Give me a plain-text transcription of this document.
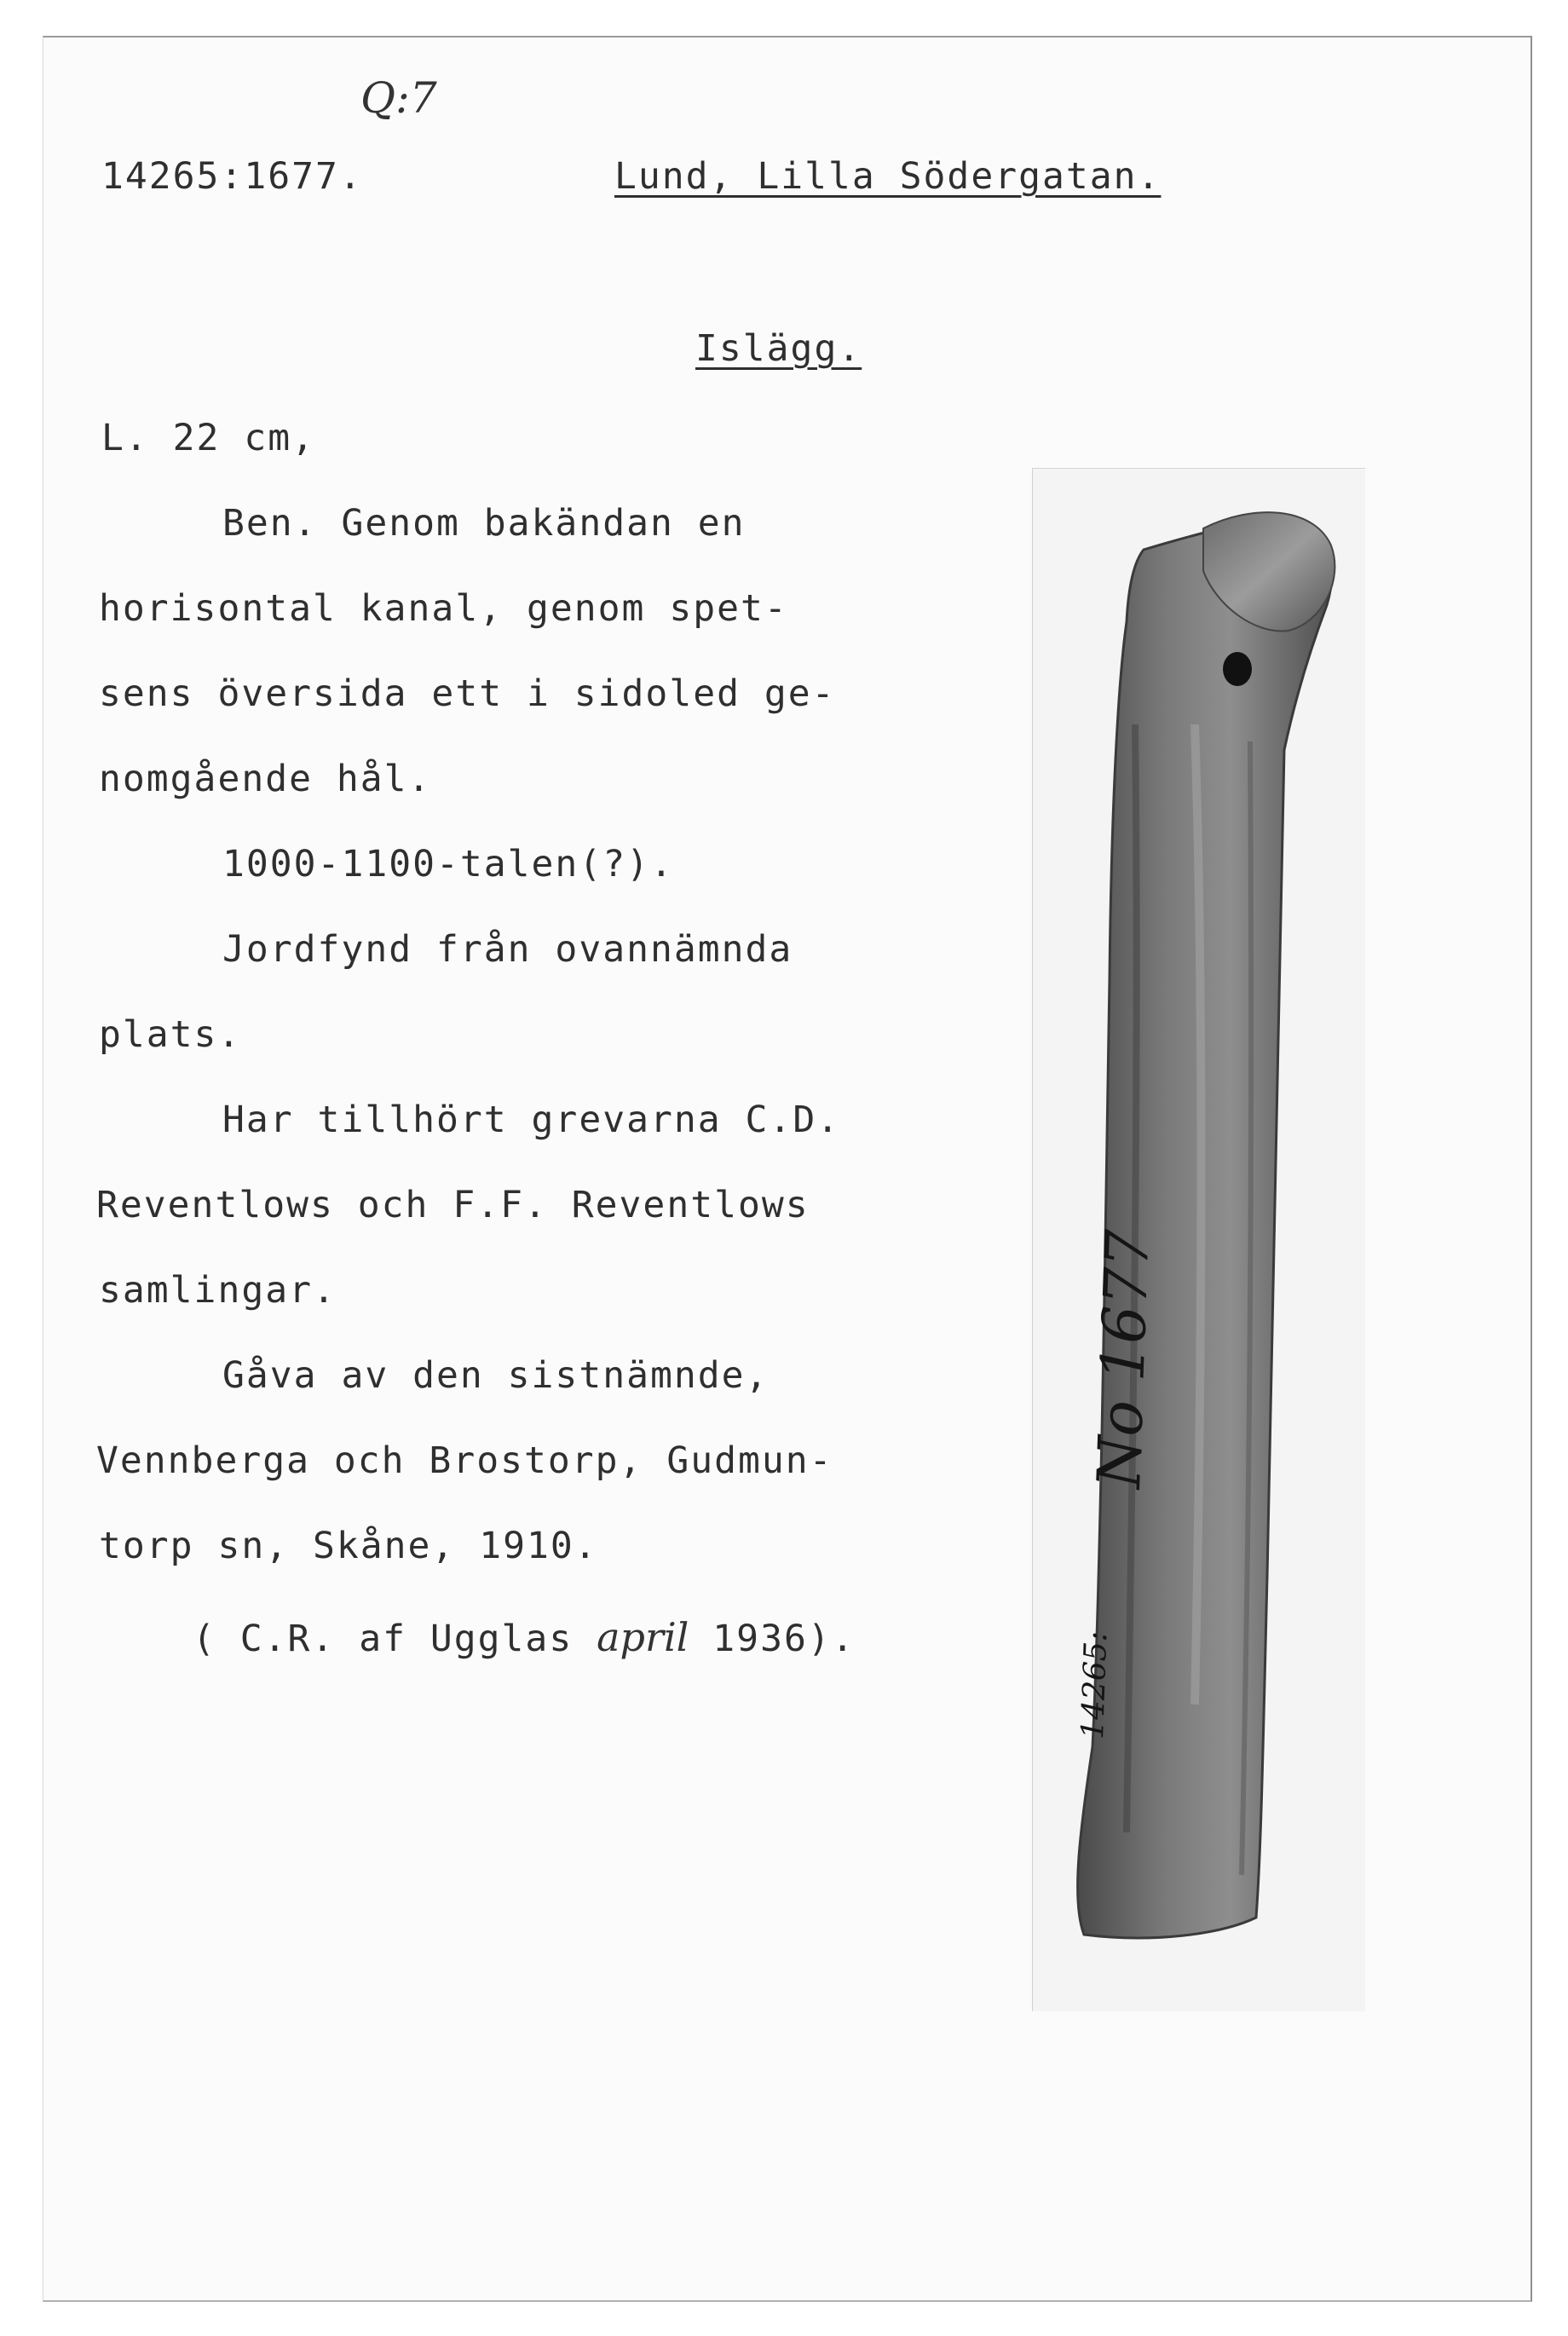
Q:7
14265:1677.	Lund, Lilla Södergatan.
Islägg.
L. 22 cm,
Ben. Genom bakändan en
horisontal kanal, genom spet-
sens översida ett i sidoled ge-
nomgående hål.
1000-1100-talen(?).
Jordfynd från ovannämnda
plats.
Har tillhört grevarna C.D.
Reventlows och F.F. Reventlows
samlingar.
Gåva av den sistnämnde,
Vennberga och Brostorp, Gudmun-
torp sn, Skåne, 1910.
( C.R. af Ugglas april 1936).
No 1677
14265:
